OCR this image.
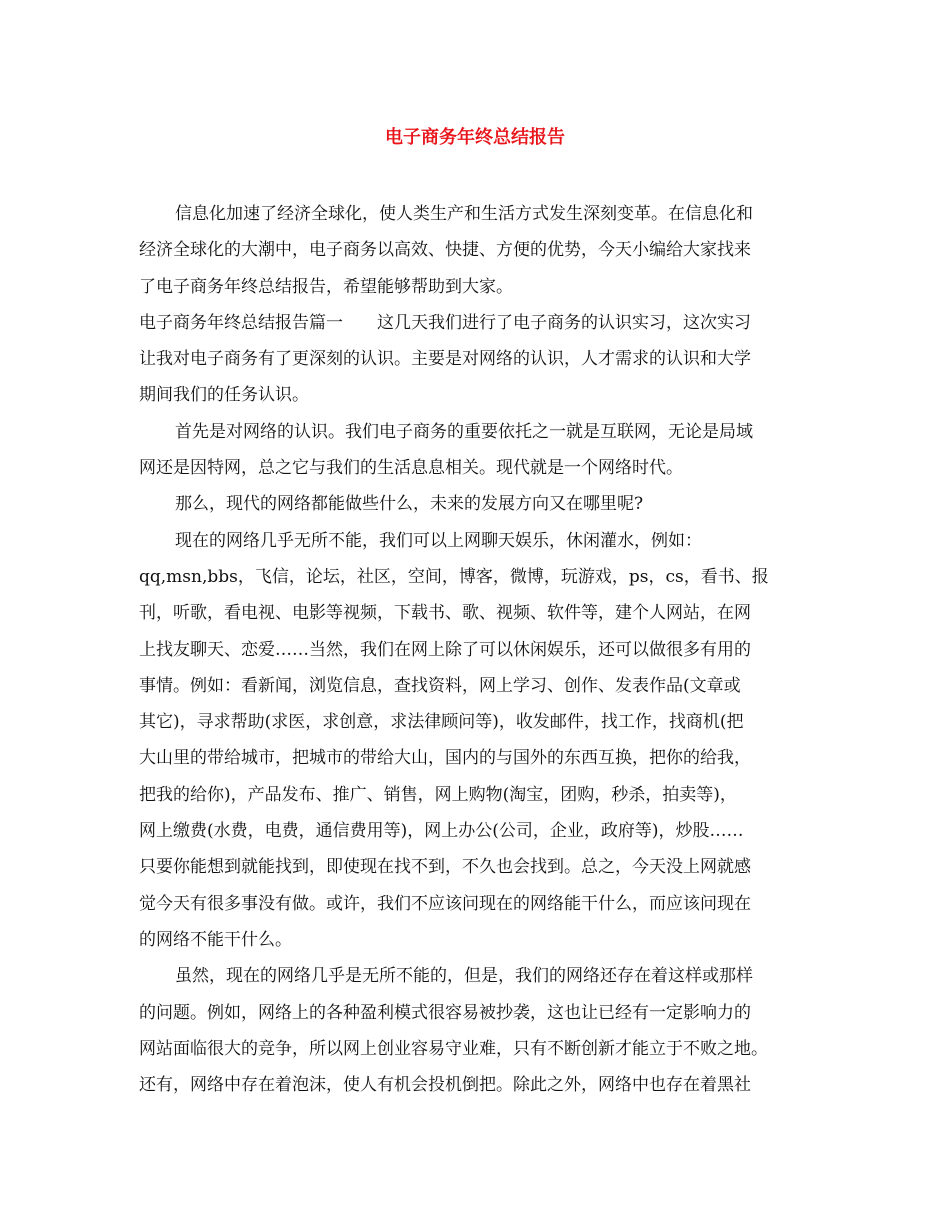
电子商务年终总结报告

信息化加速了经济全球化，使人类生产和生活方式发生深刻变革。在信息化和

经济全球化的大潮中，电子商务以高效、快捷、方便的优势，今天小编给大家找来

了电子商务年终总结报告，希望能够帮助到大家。

电子商务年终总结报告篇一　　这几天我们进行了电子商务的认识实习，这次实习

让我对电子商务有了更深刻的认识。主要是对网络的认识，人才需求的认识和大学

期间我们的任务认识。

首先是对网络的认识。我们电子商务的重要依托之一就是互联网，无论是局域

网还是因特网，总之它与我们的生活息息相关。现代就是一个网络时代。

那么，现代的网络都能做些什么，未来的发展方向又在哪里呢?

现在的网络几乎无所不能，我们可以上网聊天娱乐，休闲灌水，例如：

qq,msn,bbs，飞信，论坛，社区，空间，博客，微博，玩游戏，ps，cs，看书、报

刊，听歌，看电视、电影等视频，下载书、歌、视频、软件等，建个人网站，在网

上找友聊天、恋爱……当然，我们在网上除了可以休闲娱乐，还可以做很多有用的

事情。例如：看新闻，浏览信息，查找资料，网上学习、创作、发表作品(文章或

其它)，寻求帮助(求医，求创意，求法律顾问等)，收发邮件，找工作，找商机(把

大山里的带给城市，把城市的带给大山，国内的与国外的东西互换，把你的给我，

把我的给你)，产品发布、推广、销售，网上购物(淘宝，团购，秒杀，拍卖等)，

网上缴费(水费，电费，通信费用等)，网上办公(公司，企业，政府等)，炒股……

只要你能想到就能找到，即使现在找不到，不久也会找到。总之，今天没上网就感

觉今天有很多事没有做。或许，我们不应该问现在的网络能干什么，而应该问现在

的网络不能干什么。

虽然，现在的网络几乎是无所不能的，但是，我们的网络还存在着这样或那样

的问题。例如，网络上的各种盈利模式很容易被抄袭，这也让已经有一定影响力的

网站面临很大的竞争，所以网上创业容易守业难，只有不断创新才能立于不败之地。

还有，网络中存在着泡沫，使人有机会投机倒把。除此之外，网络中也存在着黑社
